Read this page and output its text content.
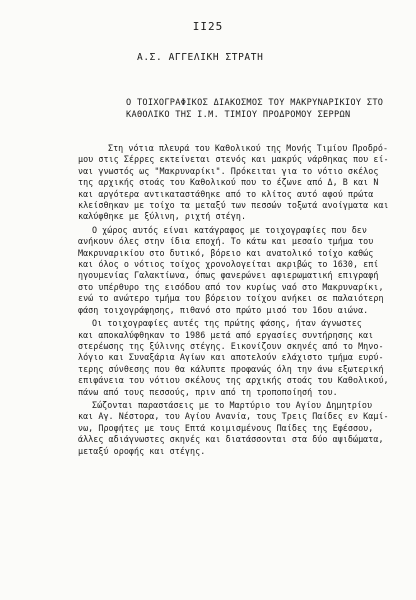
II25
Α.Σ. ΑΓΓΕΛΙΚΗ ΣΤΡΑΤΗ
Ο ΤΟΙΧΟΓΡΑΦΙΚΟΣ ΔΙΑΚΟΣΜΟΣ ΤΟΥ ΜΑΚΡΥΝΑΡΙΚΙΟΥ ΣΤΟ
ΚΑΘΟΛΙΚΟ ΤΗΣ Ι.Μ. ΤΙΜΙΟΥ ΠΡΟΔΡΟΜΟΥ ΣΕΡΡΩΝ
Στη νότια πλευρά του Καθολικού της Μονής Τιμίου Προδρό-
μου στις Σέρρες εκτείνεται στενός και μακρύς νάρθηκας που εί-
ναι γνωστός ως "Μακρυναρίκι". Πρόκειται για το νότιο σκέλος
της αρχικής στοάς του Καθολικού που το έζωνε από Δ, Β και Ν
και αργότερα αντικαταστάθηκε από το κλίτος αυτό αφού πρώτα
κλείσθηκαν με τοίχο τα μεταξύ των πεσσών τοξωτά ανοίγματα και
καλύφθηκε με ξύλινη, ριχτή στέγη.
Ο χώρος αυτός είναι κατάγραφος με τοιχογραφίες που δεν
ανήκουν όλες στην ίδια εποχή. Το κάτω και μεσαίο τμήμα του
Μακρυναρικίου στο δυτικό, βόρειο και ανατολικό τοίχο καθώς
και όλος ο νότιος τοίχος χρονολογείται ακριβώς το 1630, επί
ηγουμενίας Γαλακτίωνα, όπως φανερώνει αφιερωματική επιγραφή
στο υπέρθυρο της εισόδου από τον κυρίως ναό στο Μακρυναρίκι,
ενώ το ανώτερο τμήμα του βόρειου τοίχου ανήκει σε παλαιότερη
φάση τοιχογράφησης, πιθανό στο πρώτο μισό του 16ου αιώνα.
Οι τοιχογραφίες αυτές της πρώτης φάσης, ήταν άγνωστες
και αποκαλύφθηκαν το 1986 μετά από εργασίες συντήρησης και
στερέωσης της ξύλινης στέγης. Εικονίζουν σκηνές από το Μηνο-
λόγιο και Συναξάρια Αγίων και αποτελούν ελάχιστο τμήμα ευρύ-
τερης σύνθεσης που θα κάλυπτε προφανώς όλη την άνω εξωτερική
επιφάνεια του νότιου σκέλους της αρχικής στοάς του Καθολικού,
πάνω από τους πεσσούς, πριν από τη τροποποίησή του.
Σώζονται παραστάσεις με το Μαρτύριο του Αγίου Δημητρίου
και Αγ. Νέστορα, του Αγίου Ανανία, τους Τρεις Παίδες εν Καμί-
νω, Προφήτες με τους Επτά κοιμισμένους Παίδες της Εφέσσου,
άλλες αδιάγνωστες σκηνές και διατάσσονται στα δύο αψιδώματα,
μεταξύ οροφής και στέγης.
